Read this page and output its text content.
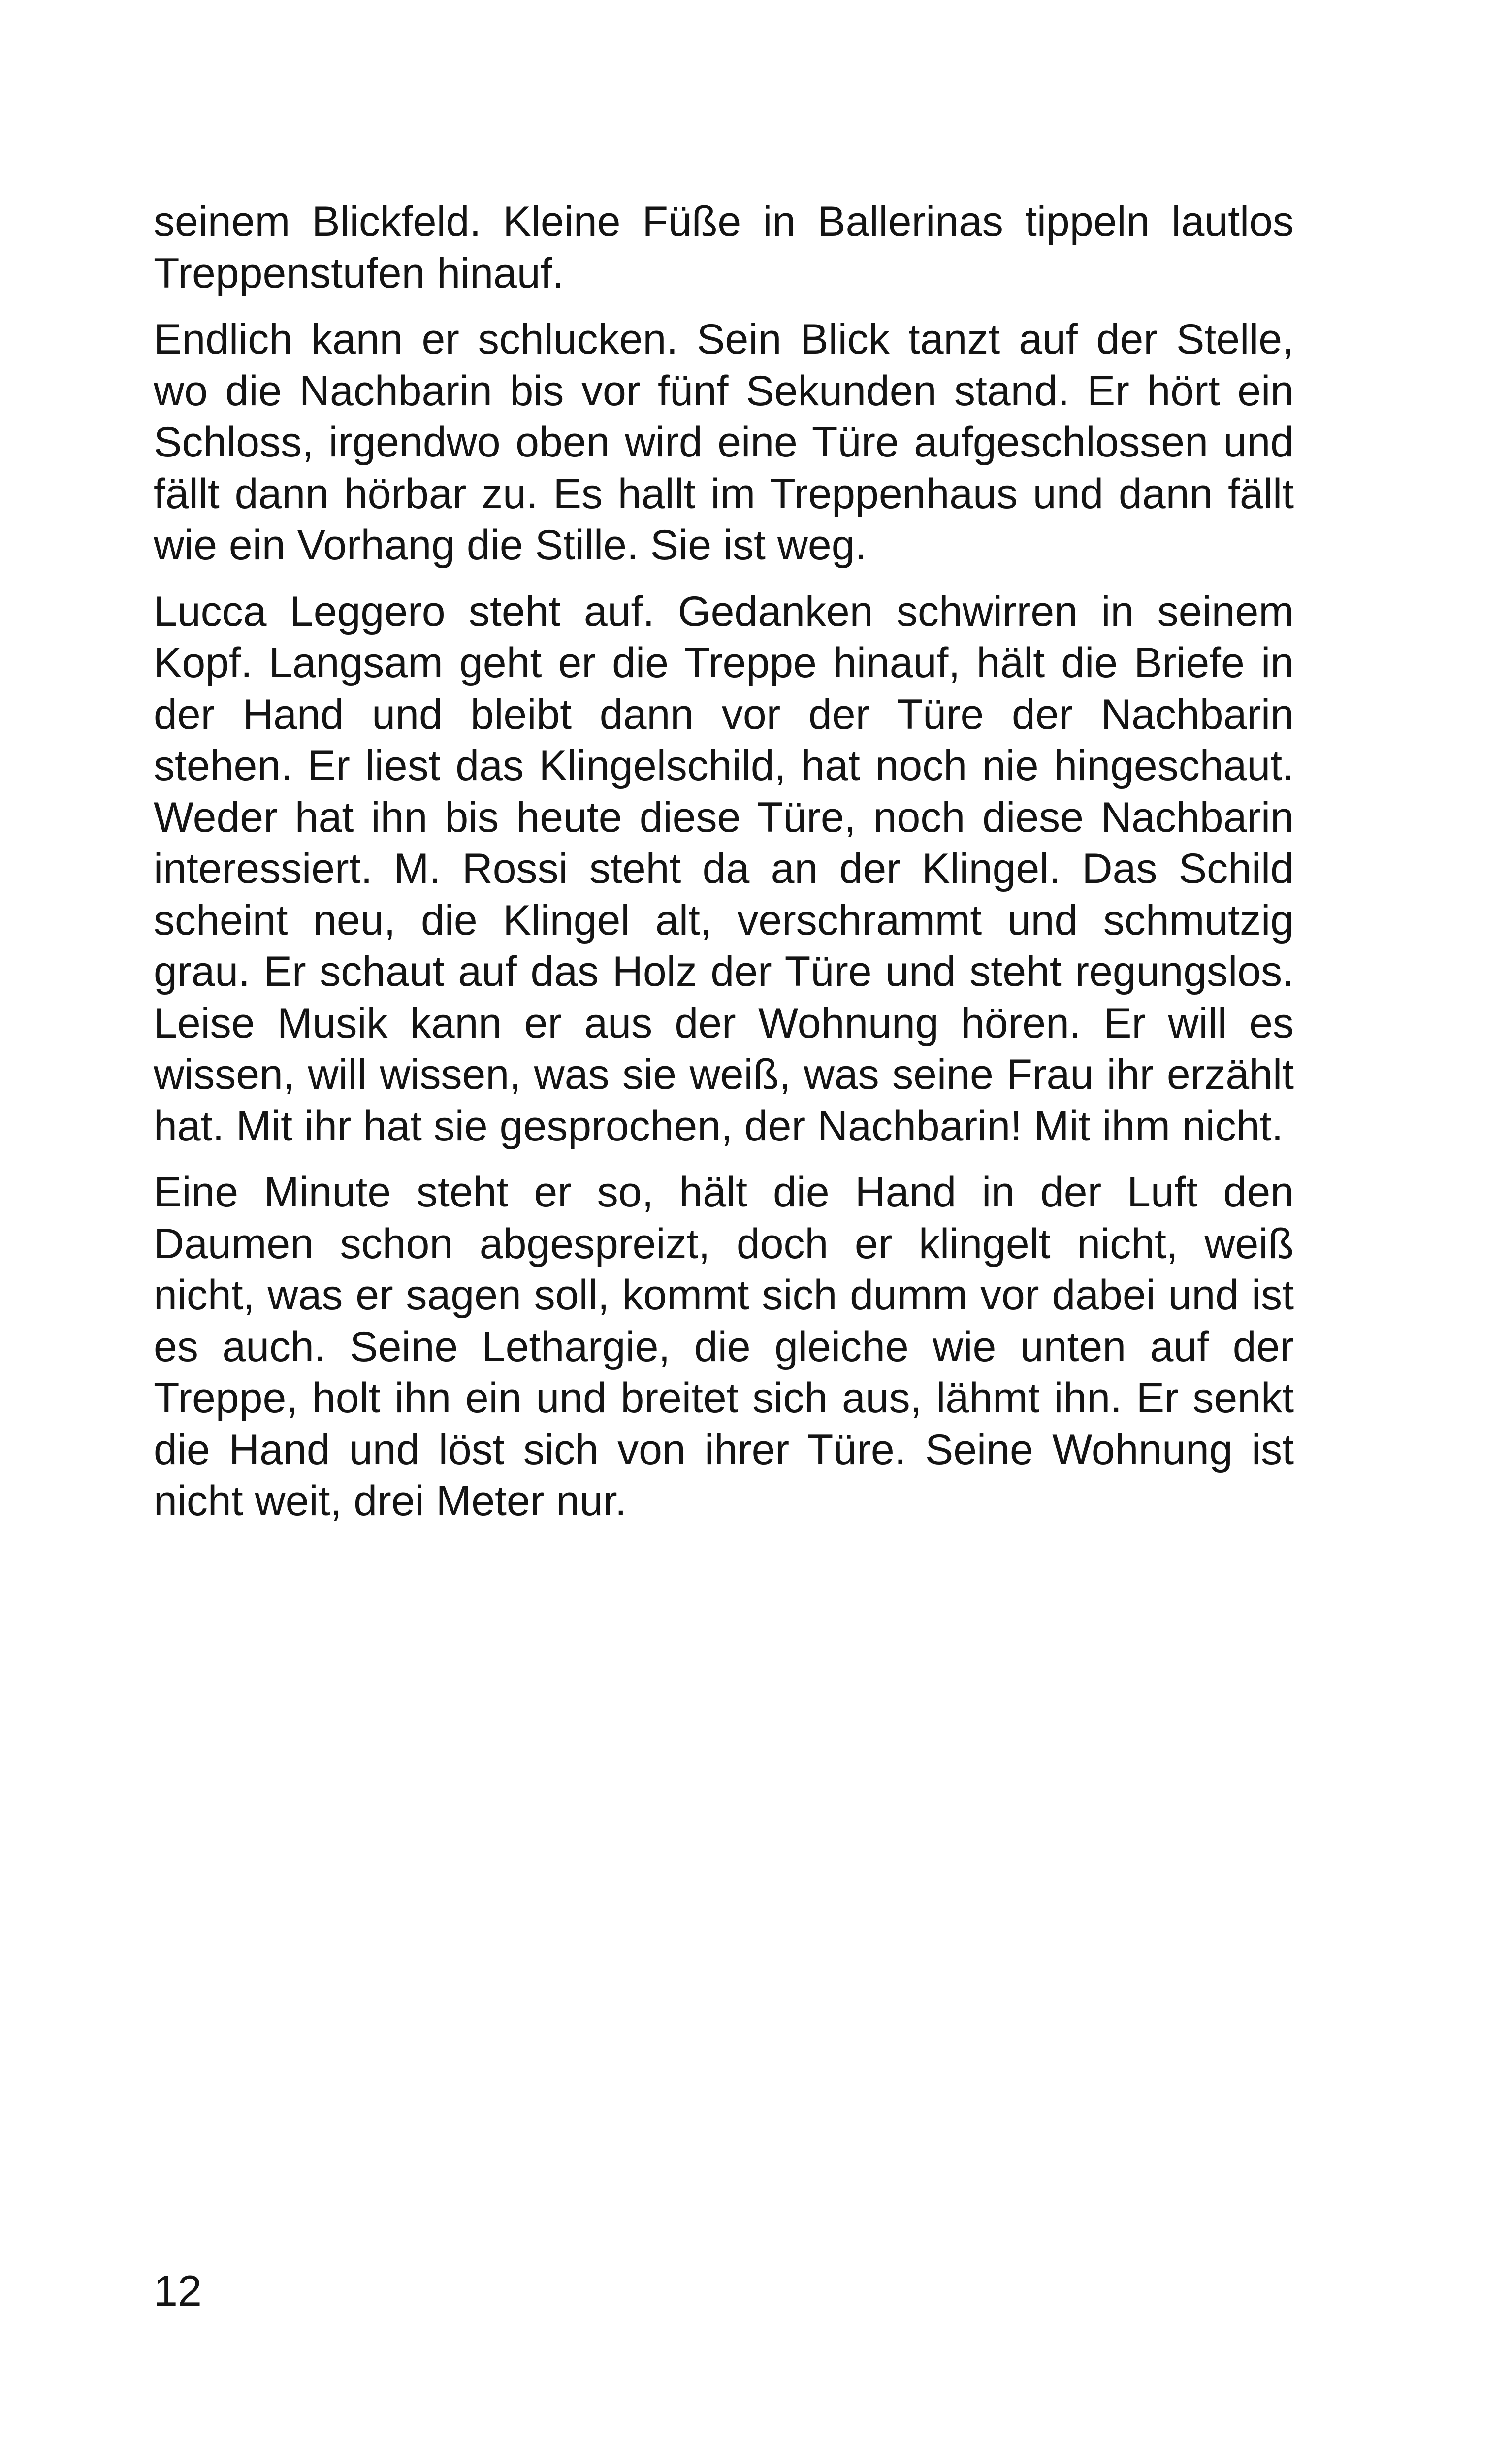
seinem Blickfeld. Kleine Füße in Ballerinas tippeln lautlos Treppenstufen hinauf.

Endlich kann er schlucken. Sein Blick tanzt auf der Stelle, wo die Nachbarin bis vor fünf Sekunden stand. Er hört ein Schloss, irgendwo oben wird eine Türe aufgeschlossen und fällt dann hörbar zu. Es hallt im Treppenhaus und dann fällt wie ein Vorhang die Stille. Sie ist weg.

Lucca Leggero steht auf. Gedanken schwirren in seinem Kopf. Langsam geht er die Treppe hinauf, hält die Briefe in der Hand und bleibt dann vor der Türe der Nachbarin stehen. Er liest das Klingelschild, hat noch nie hingeschaut. Weder hat ihn bis heute diese Türe, noch diese Nachbarin interessiert. M. Rossi steht da an der Klingel. Das Schild scheint neu, die Klingel alt, verschrammt und schmutzig grau. Er schaut auf das Holz der Türe und steht regungslos. Leise Musik kann er aus der Wohnung hören. Er will es wissen, will wissen, was sie weiß, was seine Frau ihr erzählt hat. Mit ihr hat sie gesprochen, der Nachbarin! Mit ihm nicht.

Eine Minute steht er so, hält die Hand in der Luft den Daumen schon abgespreizt, doch er klingelt nicht, weiß nicht, was er sagen soll, kommt sich dumm vor dabei und ist es auch. Seine Lethargie, die gleiche wie unten auf der Treppe, holt ihn ein und breitet sich aus, lähmt ihn. Er senkt die Hand und löst sich von ihrer Türe. Seine Wohnung ist nicht weit, drei Meter nur.

12
